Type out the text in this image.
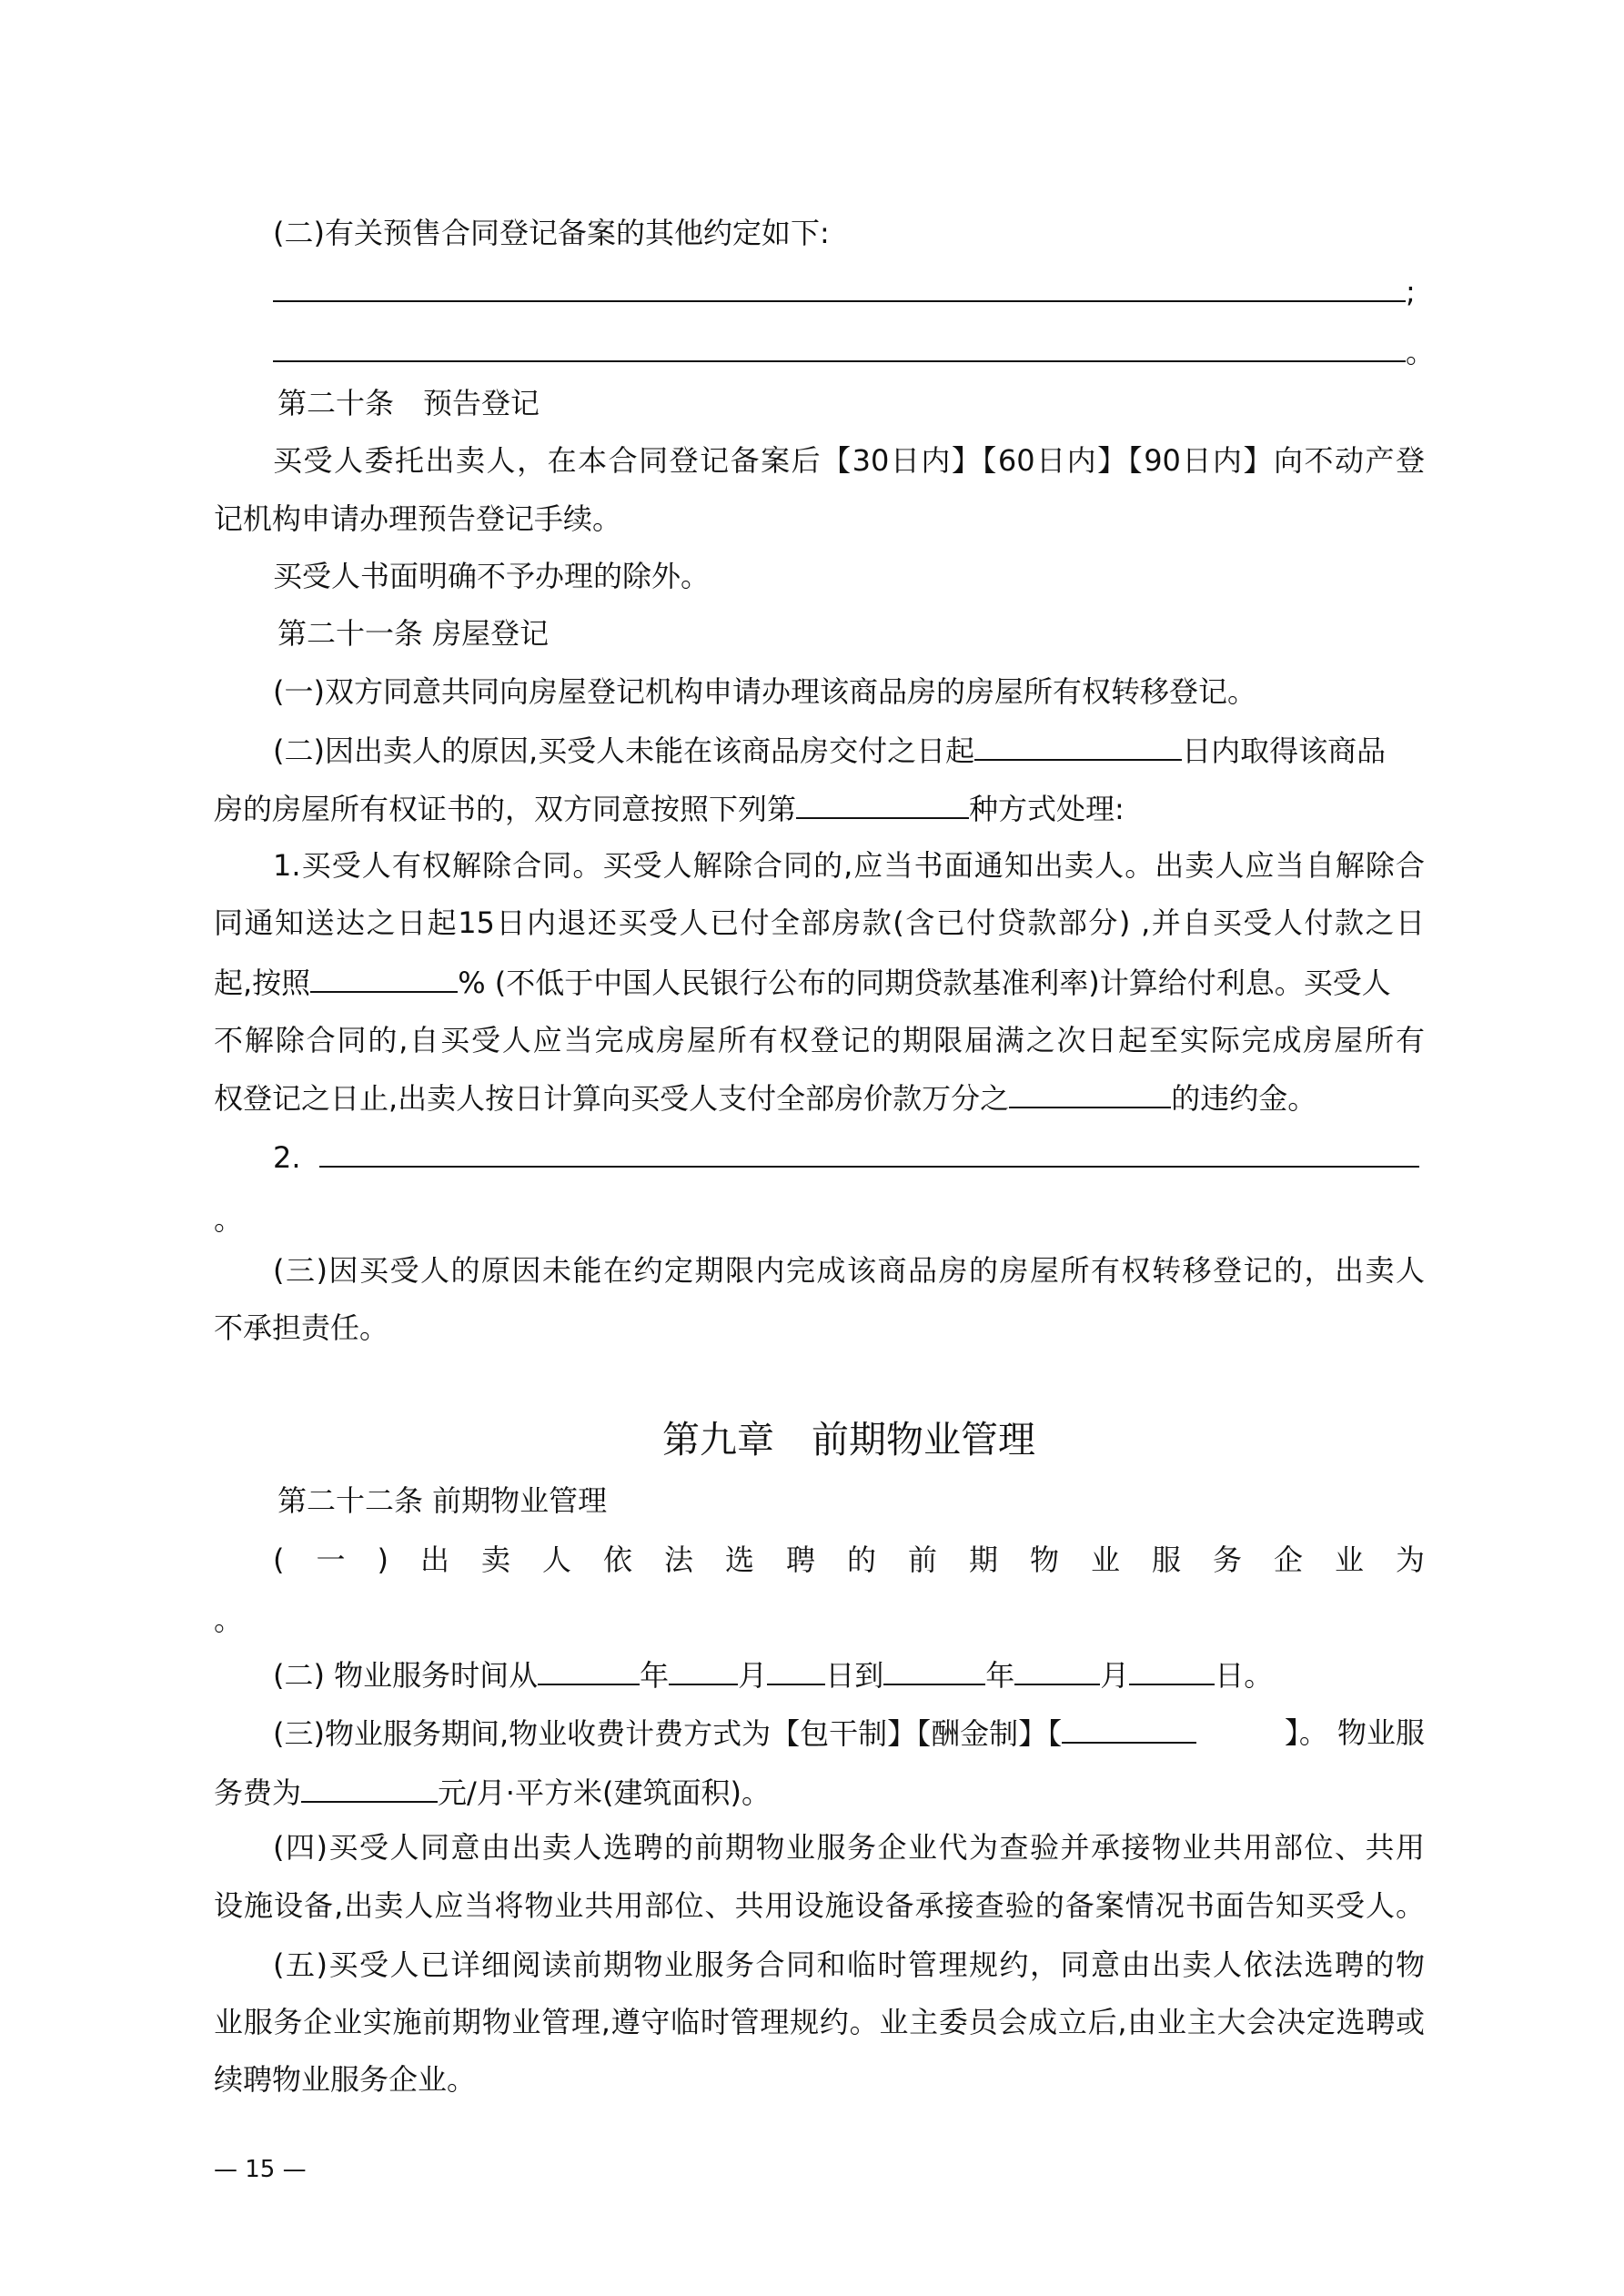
(二)有关预售合同登记备案的其他约定如下:
;
。
第二十条　预告登记
买受人委托出卖人，在本合同登记备案后【30日内】【60日内】【90日内】向不动产登
记机构申请办理预告登记手续。
买受人书面明确不予办理的除外。
第二十一条 房屋登记
(一)双方同意共同向房屋登记机构申请办理该商品房的房屋所有权转移登记。
(二)因出卖人的原因,买受人未能在该商品房交付之日起	日内取得该商品
房的房屋所有权证书的，双方同意按照下列第	种方式处理:
1.买受人有权解除合同。买受人解除合同的,应当书面通知出卖人。出卖人应当自解除合
同通知送达之日起15日内退还买受人已付全部房款(含已付贷款部分) ,并自买受人付款之日
起,按照	% (不低于中国人民银行公布的同期贷款基准利率)计算给付利息。买受人
不解除合同的,自买受人应当完成房屋所有权登记的期限届满之次日起至实际完成房屋所有
权登记之日止,出卖人按日计算向买受人支付全部房价款万分之	的违约金。
2.
。
(三)因买受人的原因未能在约定期限内完成该商品房的房屋所有权转移登记的，出卖人
不承担责任。
第九章　前期物业管理
第二十二条 前期物业管理
(一)出卖人依法选聘的前期物业服务企业为
。
(二) 物业服务时间从	年 月 日到	年	月	日。
(三)物业服务期间,物业收费计费方式为【包干制】【酬金制】【	】。 物业服
务费为	元/月·平方米(建筑面积)。
(四)买受人同意由出卖人选聘的前期物业服务企业代为查验并承接物业共用部位、共用
设施设备,出卖人应当将物业共用部位、共用设施设备承接查验的备案情况书面告知买受人。
(五)买受人已详细阅读前期物业服务合同和临时管理规约，同意由出卖人依法选聘的物
业服务企业实施前期物业管理,遵守临时管理规约。业主委员会成立后,由业主大会决定选聘或
续聘物业服务企业。
— 15 —
